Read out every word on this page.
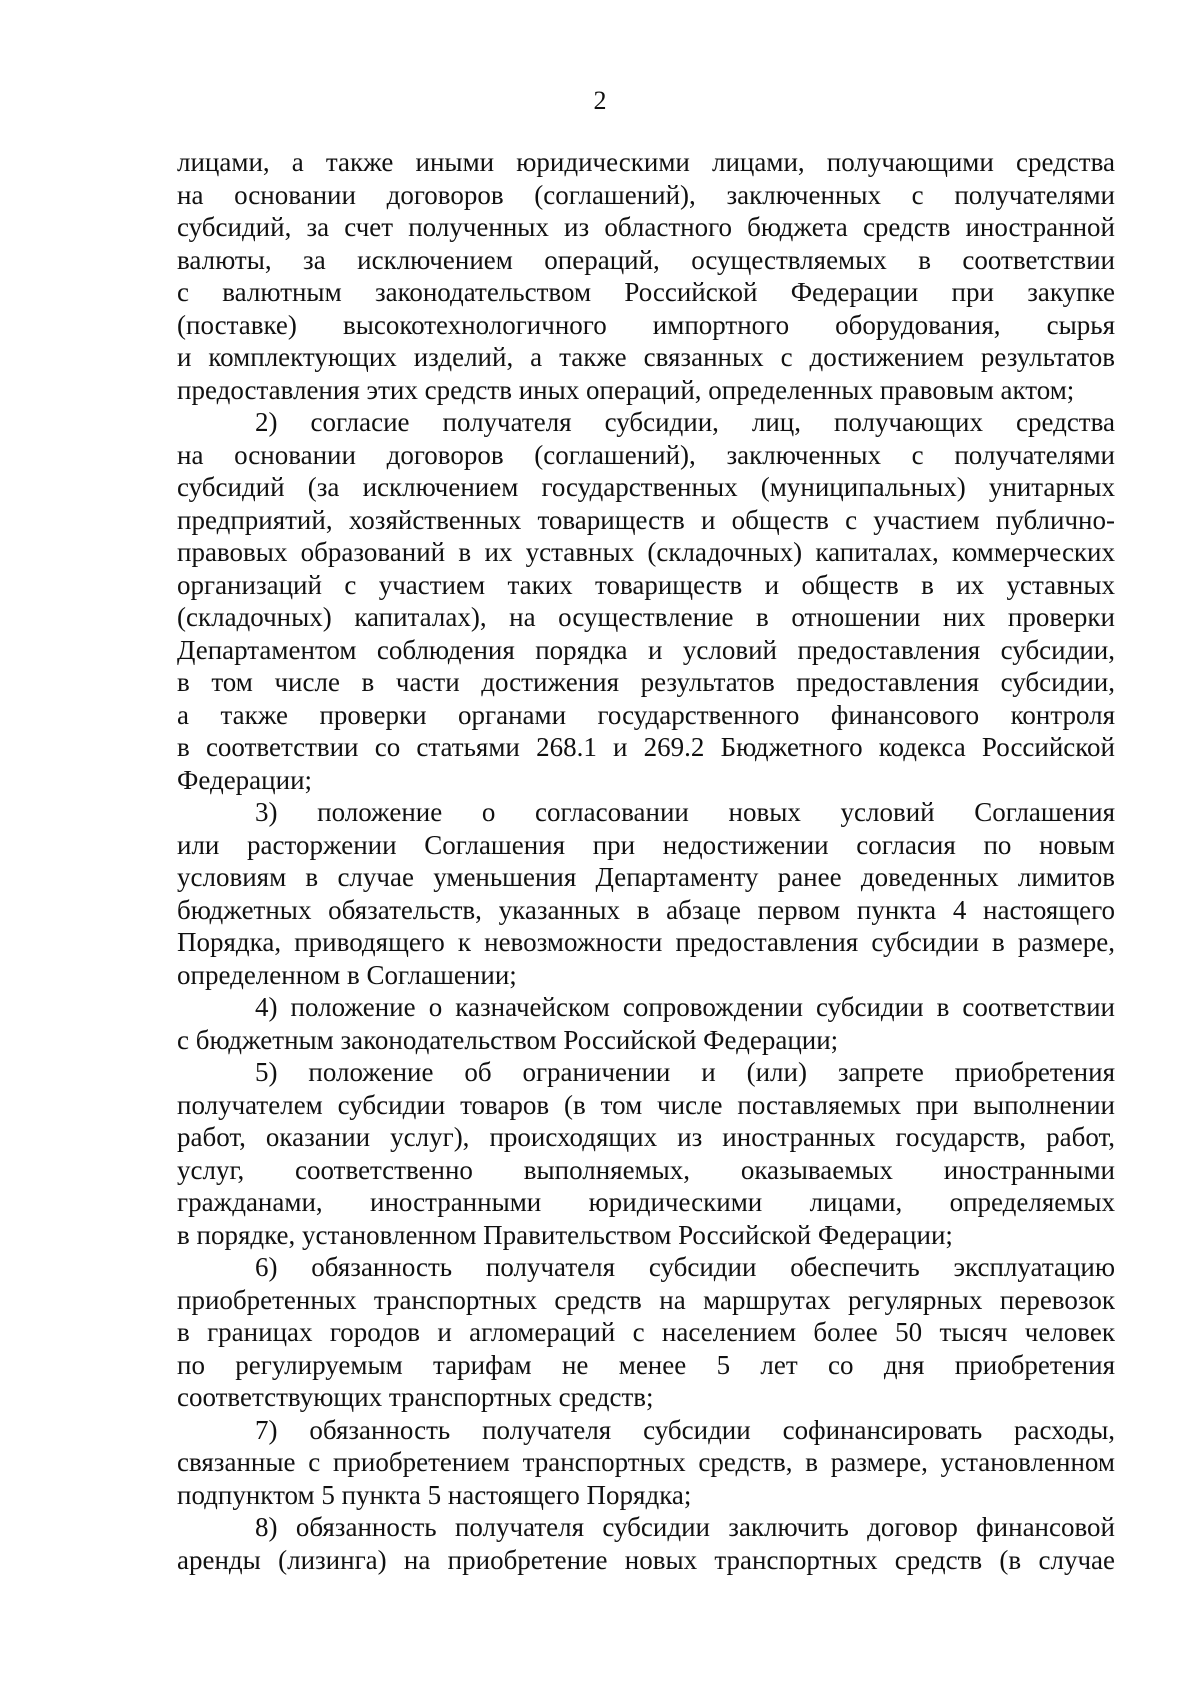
2
лицами, а также иными юридическими лицами, получающими средства
на основании договоров (соглашений), заключенных с получателями
субсидий, за счет полученных из областного бюджета средств иностранной
валюты, за исключением операций, осуществляемых в соответствии
с валютным законодательством Российской Федерации при закупке
(поставке) высокотехнологичного импортного оборудования, сырья
и комплектующих изделий, а также связанных с достижением результатов
предоставления этих средств иных операций, определенных правовым актом;
2) согласие получателя субсидии, лиц, получающих средства
на основании договоров (соглашений), заключенных с получателями
субсидий (за исключением государственных (муниципальных) унитарных
предприятий, хозяйственных товариществ и обществ с участием публично-
правовых образований в их уставных (складочных) капиталах, коммерческих
организаций с участием таких товариществ и обществ в их уставных
(складочных) капиталах), на осуществление в отношении них проверки
Департаментом соблюдения порядка и условий предоставления субсидии,
в том числе в части достижения результатов предоставления субсидии,
а также проверки органами государственного финансового контроля
в соответствии со статьями 268.1 и 269.2 Бюджетного кодекса Российской
Федерации;
3) положение о согласовании новых условий Соглашения
или расторжении Соглашения при недостижении согласия по новым
условиям в случае уменьшения Департаменту ранее доведенных лимитов
бюджетных обязательств, указанных в абзаце первом пункта 4 настоящего
Порядка, приводящего к невозможности предоставления субсидии в размере,
определенном в Соглашении;
4) положение о казначейском сопровождении субсидии в соответствии
с бюджетным законодательством Российской Федерации;
5) положение об ограничении и (или) запрете приобретения
получателем субсидии товаров (в том числе поставляемых при выполнении
работ, оказании услуг), происходящих из иностранных государств, работ,
услуг, соответственно выполняемых, оказываемых иностранными
гражданами, иностранными юридическими лицами, определяемых
в порядке, установленном Правительством Российской Федерации;
6) обязанность получателя субсидии обеспечить эксплуатацию
приобретенных транспортных средств на маршрутах регулярных перевозок
в границах городов и агломераций с населением более 50 тысяч человек
по регулируемым тарифам не менее 5 лет со дня приобретения
соответствующих транспортных средств;
7) обязанность получателя субсидии софинансировать расходы,
связанные с приобретением транспортных средств, в размере, установленном
подпунктом 5 пункта 5 настоящего Порядка;
8) обязанность получателя субсидии заключить договор финансовой
аренды (лизинга) на приобретение новых транспортных средств (в случае
